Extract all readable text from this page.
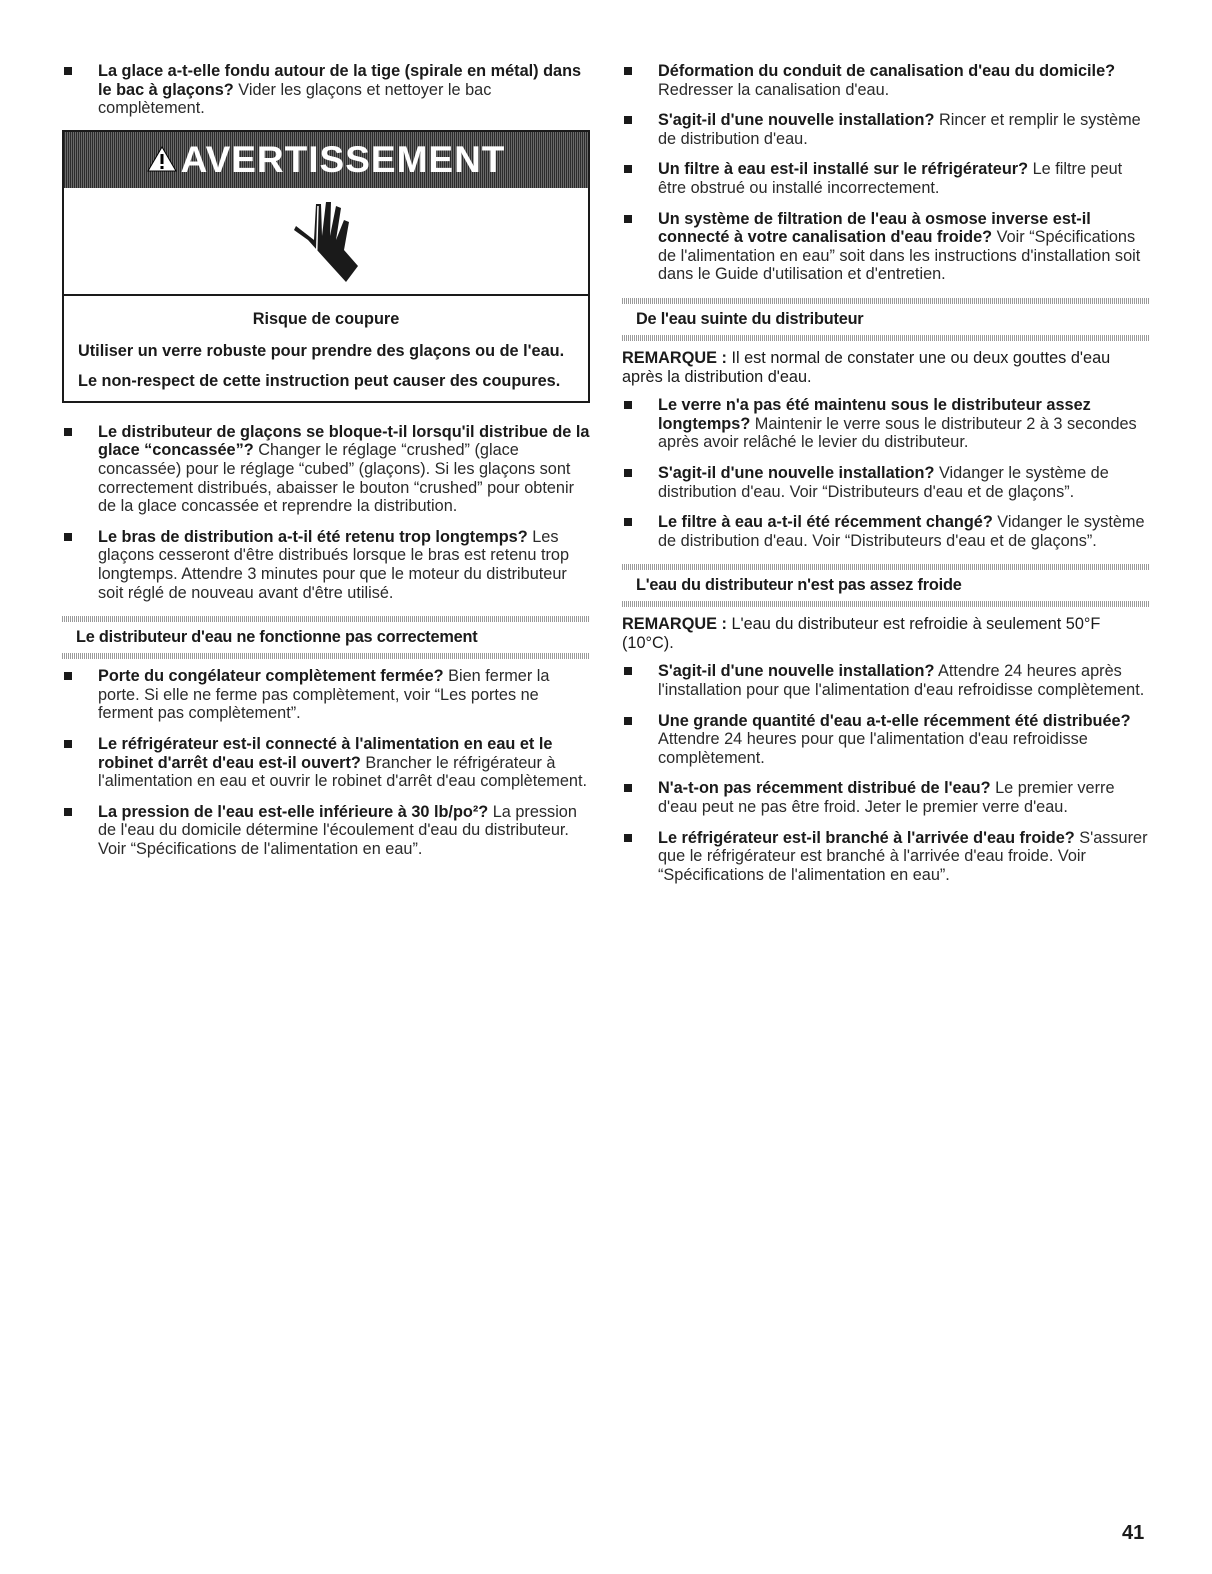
La glace a-t-elle fondu autour de la tige (spirale en métal) dans le bac à glaçons? Vider les glaçons et nettoyer le bac complètement.
AVERTISSEMENT

Risque de coupure

Utiliser un verre robuste pour prendre des glaçons ou de l'eau.

Le non-respect de cette instruction peut causer des coupures.

Le distributeur de glaçons se bloque-t-il lorsqu'il distribue de la glace “concassée”? Changer le réglage “crushed” (glace concassée) pour le réglage “cubed” (glaçons). Si les glaçons sont correctement distribués, abaisser le bouton “crushed” pour obtenir de la glace concassée et reprendre la distribution.
Le bras de distribution a-t-il été retenu trop longtemps? Les glaçons cesseront d'être distribués lorsque le bras est retenu trop longtemps. Attendre 3 minutes pour que le moteur du distributeur soit réglé de nouveau avant d'être utilisé.
Le distributeur d'eau ne fonctionne pas correctement
Porte du congélateur complètement fermée? Bien fermer la porte. Si elle ne ferme pas complètement, voir “Les portes ne ferment pas complètement”.
Le réfrigérateur est-il connecté à l'alimentation en eau et le robinet d'arrêt d'eau est-il ouvert? Brancher le réfrigérateur à l'alimentation en eau et ouvrir le robinet d'arrêt d'eau complètement.
La pression de l'eau est-elle inférieure à 30 lb/po²? La pression de l'eau du domicile détermine l'écoulement d'eau du distributeur. Voir “Spécifications de l'alimentation en eau”.
Déformation du conduit de canalisation d'eau du domicile? Redresser la canalisation d'eau.
S'agit-il d'une nouvelle installation? Rincer et remplir le système de distribution d'eau.
Un filtre à eau est-il installé sur le réfrigérateur? Le filtre peut être obstrué ou installé incorrectement.
Un système de filtration de l'eau à osmose inverse est-il connecté à votre canalisation d'eau froide? Voir “Spécifications de l'alimentation en eau” soit dans les instructions d'installation soit dans le Guide d'utilisation et d'entretien.
De l'eau suinte du distributeur
REMARQUE : Il est normal de constater une ou deux gouttes d'eau après la distribution d'eau.
Le verre n'a pas été maintenu sous le distributeur assez longtemps? Maintenir le verre sous le distributeur 2 à 3 secondes après avoir relâché le levier du distributeur.
S'agit-il d'une nouvelle installation? Vidanger le système de distribution d'eau. Voir “Distributeurs d'eau et de glaçons”.
Le filtre à eau a-t-il été récemment changé? Vidanger le système de distribution d'eau. Voir “Distributeurs d'eau et de glaçons”.
L'eau du distributeur n'est pas assez froide
REMARQUE : L'eau du distributeur est refroidie à seulement 50°F (10°C).
S'agit-il d'une nouvelle installation? Attendre 24 heures après l'installation pour que l'alimentation d'eau refroidisse complètement.
Une grande quantité d'eau a-t-elle récemment été distribuée? Attendre 24 heures pour que l'alimentation d'eau refroidisse complètement.
N'a-t-on pas récemment distribué de l'eau? Le premier verre d'eau peut ne pas être froid. Jeter le premier verre d'eau.
Le réfrigérateur est-il branché à l'arrivée d'eau froide? S'assurer que le réfrigérateur est branché à l'arrivée d'eau froide. Voir “Spécifications de l'alimentation en eau”.
41
